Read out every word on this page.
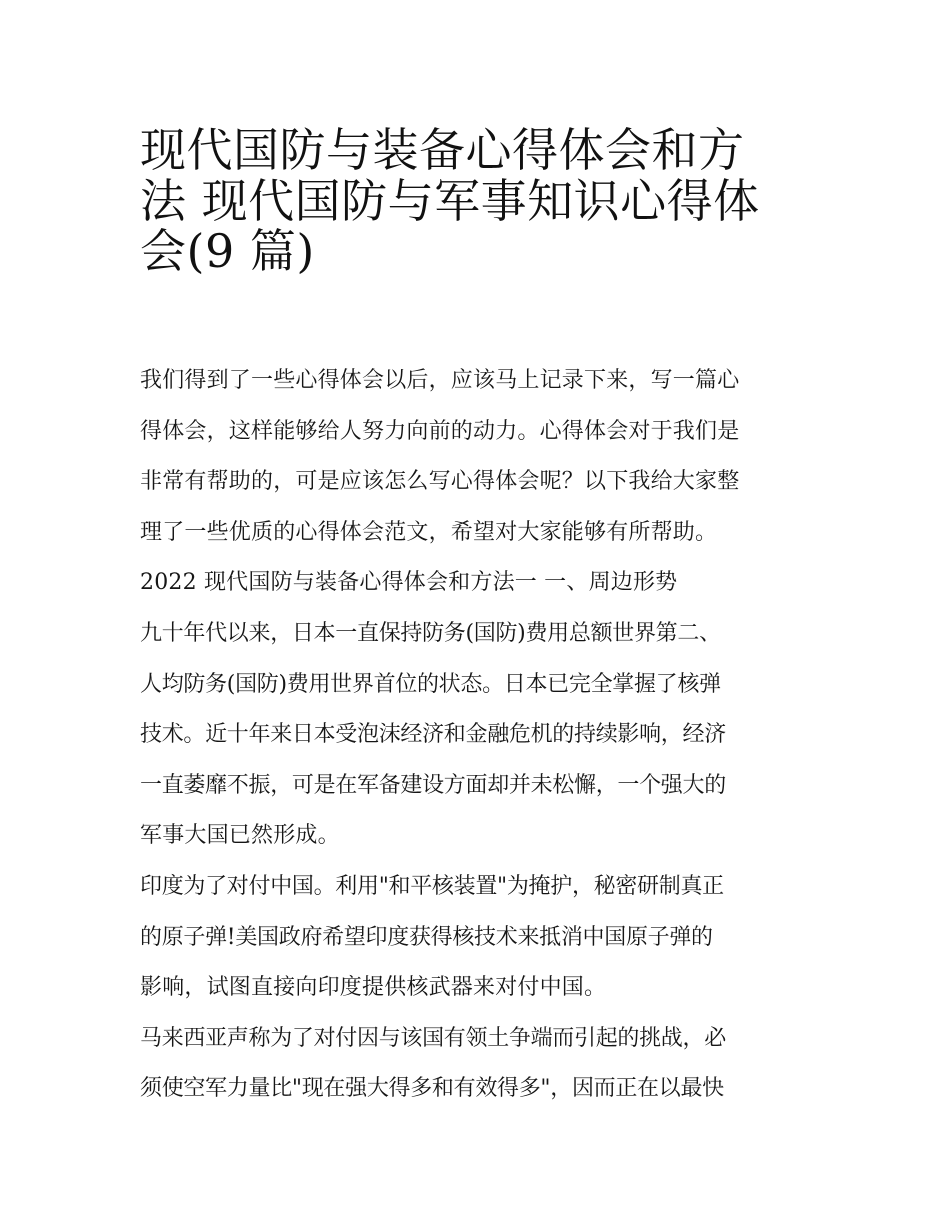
现代国防与装备心得体会和方
法 现代国防与军事知识心得体
会(9 篇)
我们得到了一些心得体会以后，应该马上记录下来，写一篇心
得体会，这样能够给人努力向前的动力。心得体会对于我们是
非常有帮助的，可是应该怎么写心得体会呢？以下我给大家整
理了一些优质的心得体会范文，希望对大家能够有所帮助。
2022 现代国防与装备心得体会和方法一 一、周边形势
九十年代以来，日本一直保持防务(国防)费用总额世界第二、
人均防务(国防)费用世界首位的状态。日本已完全掌握了核弹
技术。近十年来日本受泡沫经济和金融危机的持续影响，经济
一直萎靡不振，可是在军备建设方面却并未松懈，一个强大的
军事大国已然形成。
印度为了对付中国。利用"和平核装置"为掩护，秘密研制真正
的原子弹!美国政府希望印度获得核技术来抵消中国原子弹的
影响，试图直接向印度提供核武器来对付中国。
马来西亚声称为了对付因与该国有领土争端而引起的挑战，必
须使空军力量比"现在强大得多和有效得多"，因而正在以最快
